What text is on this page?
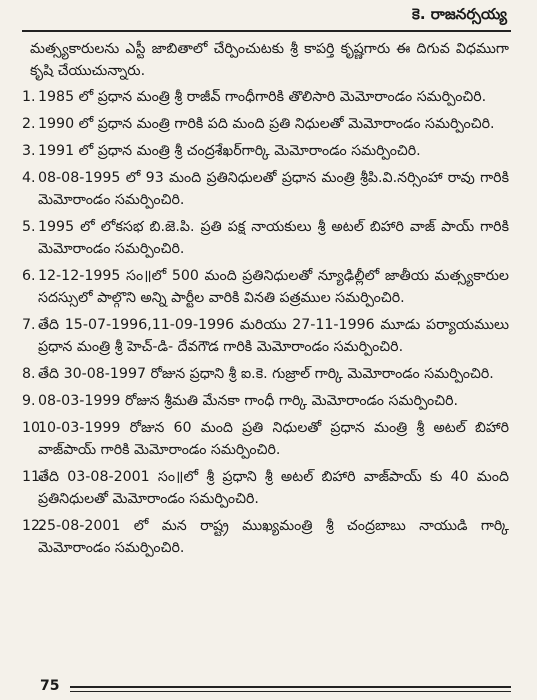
కె. రాజనర్సయ్య

మత్స్యకారులను ఎస్టీ జాబితాలో చేర్పించుటకు శ్రీ కాపర్తి కృష్ణగారు ఈ దిగువ విధముగా కృషి చేయుచున్నారు.

1. 1985 లో ప్రధాన మంత్రి శ్రీ రాజీవ్ గాంధీగారికి తొలిసారి మెమోరాండం సమర్పించిరి.
2. 1990 లో ప్రధాన మంత్రి గారికి పది మంది ప్రతి నిధులతో మెమోరాండం సమర్పించిరి.
3. 1991 లో ప్రధాన మంత్రి శ్రీ చంద్రశేఖర్‌గార్కి మెమోరాండం సమర్పించిరి.
4. 08-08-1995 లో 93 మంది ప్రతినిధులతో ప్రధాన మంత్రి శ్రీపి.వి.నర్సింహా రావు గారికి మెమోరాండం సమర్పించిరి.
5. 1995 లో లోకసభ బి.జె.పి. ప్రతి పక్ష నాయకులు శ్రీ అటల్ బిహారి వాజ్ పాయ్ గారికి మెమోరాండం సమర్పించిరి.
6. 12-12-1995 సం॥లో 500 మంది ప్రతినిధులతో న్యూఢిల్లీలో జాతీయ మత్స్యకారుల సదస్సులో పాల్గొని అన్ని పార్టీల వారికి వినతి పత్రముల సమర్పించిరి.
7. తేది 15-07-1996,11-09-1996 మరియు 27-11-1996 మూడు పర్యాయములు ప్రధాన మంత్రి శ్రీ హెచ్-డి- దేవగౌడ గారికి మెమోరాండం సమర్పించిరి.
8. తేది 30-08-1997 రోజున ప్రధాని శ్రీ ఐ.కె. గుజ్రాల్ గార్కి మెమోరాండం సమర్పించిరి.
9. 08-03-1999 రోజున శ్రీమతి మేనకా గాంధీ గార్కి మెమోరాండం సమర్పించిరి.
10.
10-03-1999 రోజున 60 మంది ప్రతి నిధులతో ప్రధాన మంత్రి శ్రీ అటల్ బిహారి వాజ్‌పాయ్ గారికి మెమోరాండం సమర్పించిరి.
11.
తేది 03-08-2001 సం॥లో శ్రీ ప్రధాని శ్రీ అటల్ బిహారి వాజ్‌పాయ్ కు 40 మంది ప్రతినిధులతో మెమోరాండం సమర్పించిరి.
12.
25-08-2001 లో మన రాష్ట్ర ముఖ్యమంత్రి శ్రీ చంద్రబాబు నాయుడి గార్కి మెమోరాండం సమర్పించిరి.
75
